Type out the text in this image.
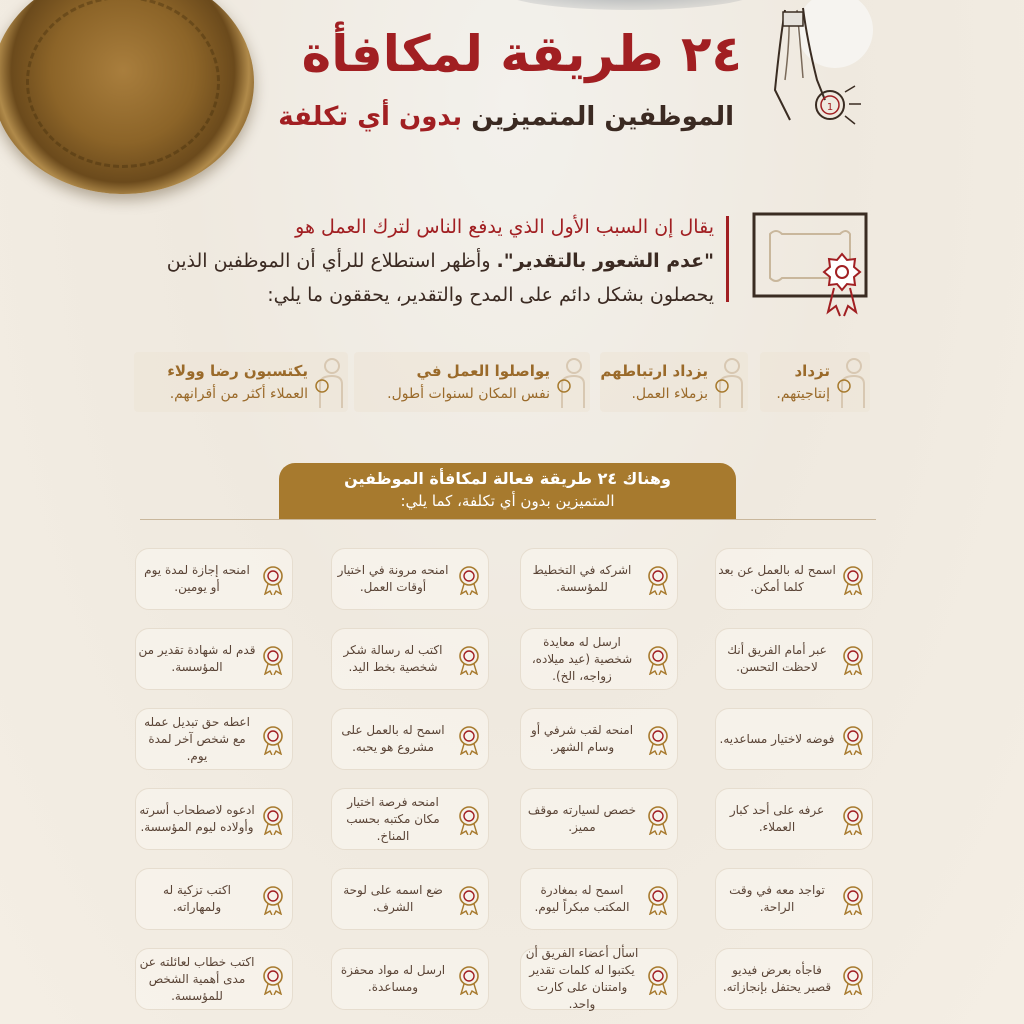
1
٢٤ طريقة لمكافأة
الموظفين المتميزين بدون أي تكلفة
يقال إن السبب الأول الذي يدفع الناس لترك العمل هو
"عدم الشعور بالتقدير". وأظهر استطلاع للرأي أن الموظفين الذين
يحصلون بشكل دائم على المدح والتقدير، يحققون ما يلي:
تزداد
إنتاجيتهم.
يزداد ارتباطهم
بزملاء العمل.
يواصلوا العمل في
نفس المكان لسنوات أطول.
يكتسبون رضا وولاء
العملاء أكثر من أقرانهم.
وهناك ٢٤ طريقة فعالة لمكافأة الموظفين
المتميزين بدون أي تكلفة، كما يلي:
اسمح له بالعمل عن بعد كلما أمكن.
اشركه في التخطيط للمؤسسة.
امنحه مرونة في اختيار أوقات العمل.
امنحه إجازة لمدة يوم أو يومين.
عبر أمام الفريق أنك لاحظت التحسن.
ارسل له معايدة شخصية (عيد ميلاده، زواجه، الخ).
اكتب له رسالة شكر شخصية بخط اليد.
قدم له شهادة تقدير من المؤسسة.
فوضه لاختيار مساعديه.
امنحه لقب شرفي أو وسام الشهر.
اسمح له بالعمل على مشروع هو يحبه.
اعطه حق تبديل عمله مع شخص آخر لمدة يوم.
عرفه على أحد كبار العملاء.
خصص لسيارته موقف مميز.
امنحه فرصة اختيار مكان مكتبه بحسب المناخ.
ادعوه لاصطحاب أسرته وأولاده ليوم المؤسسة.
تواجد معه في وقت الراحة.
اسمح له بمغادرة المكتب مبكراً ليوم.
ضع اسمه على لوحة الشرف.
اكتب تزكية له ولمهاراته.
فاجأه بعرض فيديو قصير يحتفل بإنجازاته.
اسأل أعضاء الفريق أن يكتبوا له كلمات تقدير وامتنان على كارت واحد.
ارسل له مواد محفزة ومساعدة.
اكتب خطاب لعائلته عن مدى أهمية الشخص للمؤسسة.
